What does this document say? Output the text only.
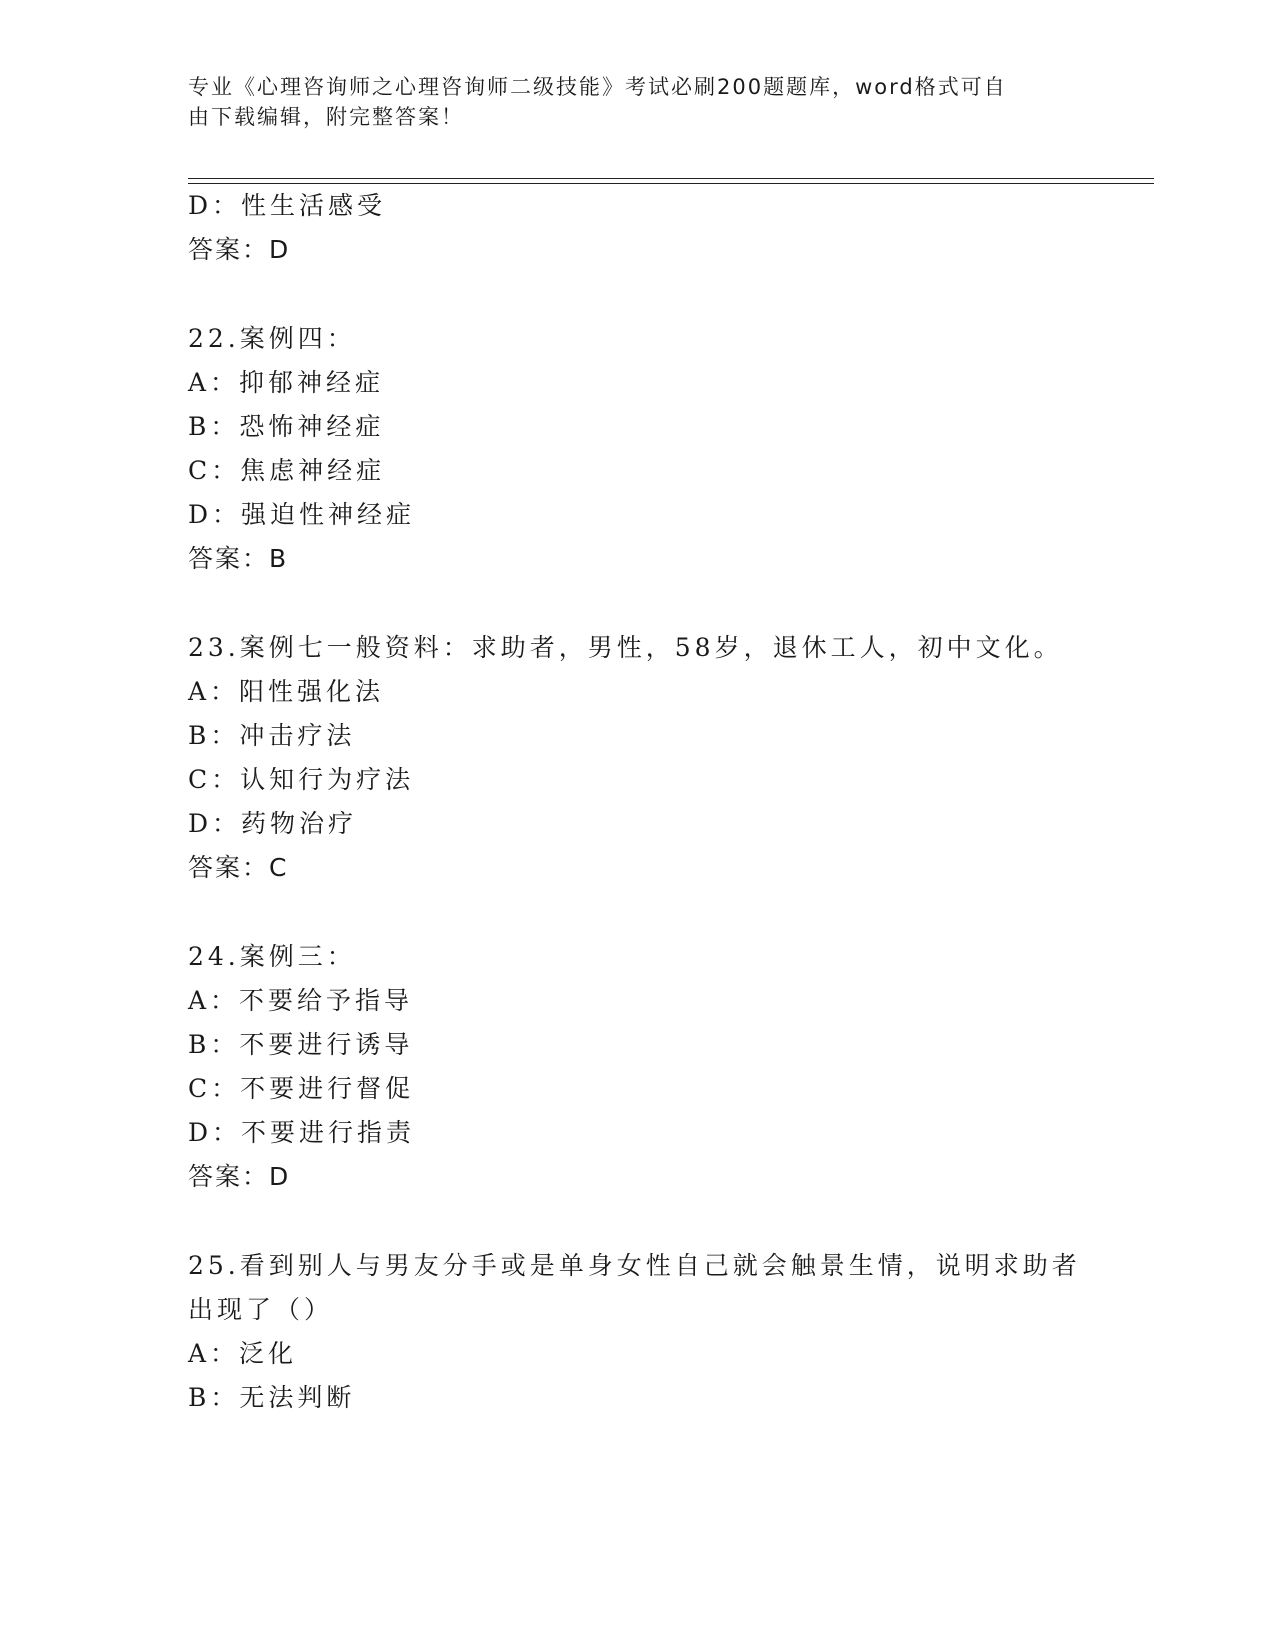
专业《心理咨询师之心理咨询师二级技能》考试必刷200题题库，word格式可自
由下载编辑，附完整答案！
D：性生活感受
答案：D
22.案例四：
A：抑郁神经症
B：恐怖神经症
C：焦虑神经症
D：强迫性神经症
答案：B
23.案例七一般资料：求助者，男性，58岁，退休工人，初中文化。
A：阳性强化法
B：冲击疗法
C：认知行为疗法
D：药物治疗
答案：C
24.案例三：
A：不要给予指导
B：不要进行诱导
C：不要进行督促
D：不要进行指责
答案：D
25.看到别人与男友分手或是单身女性自己就会触景生情，说明求助者
出现了（）
A：泛化
B：无法判断
